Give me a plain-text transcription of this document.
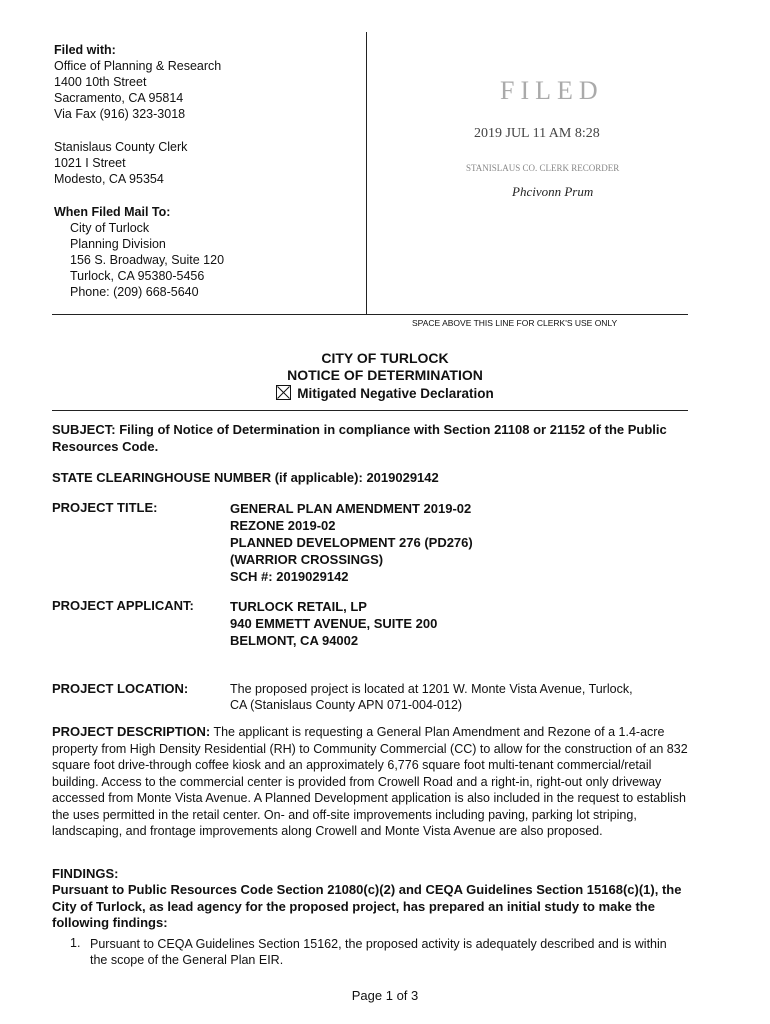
Filed with:
Office of Planning & Research
1400 10th Street
Sacramento, CA 95814
Via Fax (916) 323-3018
Stanislaus County Clerk
1021 I Street
Modesto, CA 95354
When Filed Mail To:
City of Turlock
Planning Division
156 S. Broadway, Suite 120
Turlock, CA 95380-5456
Phone: (209) 668-5640
FILED
2019 JUL 11 AM 8:28
STANISLAUS CO. CLERK RECORDER
Phcivonn Prum
SPACE ABOVE THIS LINE FOR CLERK'S USE ONLY
CITY OF TURLOCK
NOTICE OF DETERMINATION
Mitigated Negative Declaration
SUBJECT: Filing of Notice of Determination in compliance with Section 21108 or 21152 of the Public Resources Code.
STATE CLEARINGHOUSE NUMBER (if applicable): 2019029142
PROJECT TITLE:	GENERAL PLAN AMENDMENT 2019-02
REZONE 2019-02
PLANNED DEVELOPMENT 276 (PD276)
(WARRIOR CROSSINGS)
SCH #: 2019029142
PROJECT APPLICANT:	TURLOCK RETAIL, LP
940 EMMETT AVENUE, SUITE 200
BELMONT, CA 94002
PROJECT LOCATION:	The proposed project is located at 1201 W. Monte Vista Avenue, Turlock,
CA (Stanislaus County APN 071-004-012)
PROJECT DESCRIPTION: The applicant is requesting a General Plan Amendment and Rezone of a 1.4-acre property from High Density Residential (RH) to Community Commercial (CC) to allow for the construction of an 832 square foot drive-through coffee kiosk and an approximately 6,776 square foot multi-tenant commercial/retail building. Access to the commercial center is provided from Crowell Road and a right-in, right-out only driveway accessed from Monte Vista Avenue. A Planned Development application is also included in the request to establish the uses permitted in the retail center. On- and off-site improvements including paving, parking lot striping, landscaping, and frontage improvements along Crowell and Monte Vista Avenue are also proposed.
FINDINGS:
Pursuant to Public Resources Code Section 21080(c)(2) and CEQA Guidelines Section 15168(c)(1), the City of Turlock, as lead agency for the proposed project, has prepared an initial study to make the following findings:
1. Pursuant to CEQA Guidelines Section 15162, the proposed activity is adequately described and is within the scope of the General Plan EIR.
Page 1 of 3
